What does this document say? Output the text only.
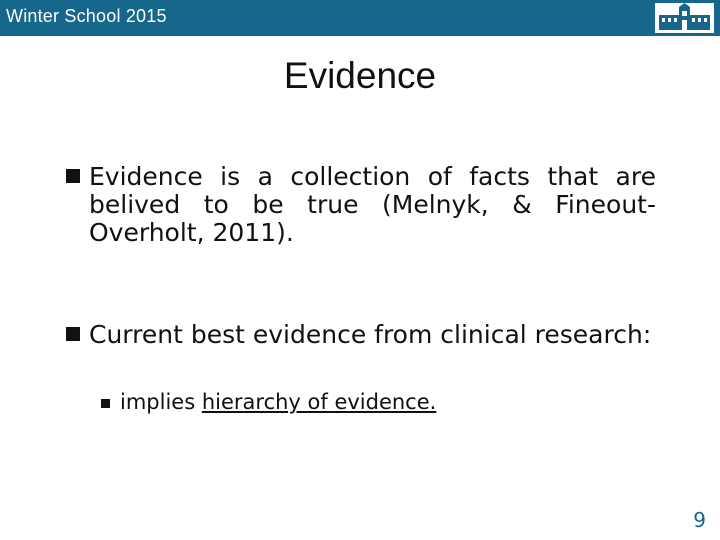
Winter School 2015
Evidence
Evidence is a collection of facts that are belived to be true (Melnyk, & Fineout-Overholt, 2011).
Current best evidence from clinical research:
implies hierarchy of evidence.
9
